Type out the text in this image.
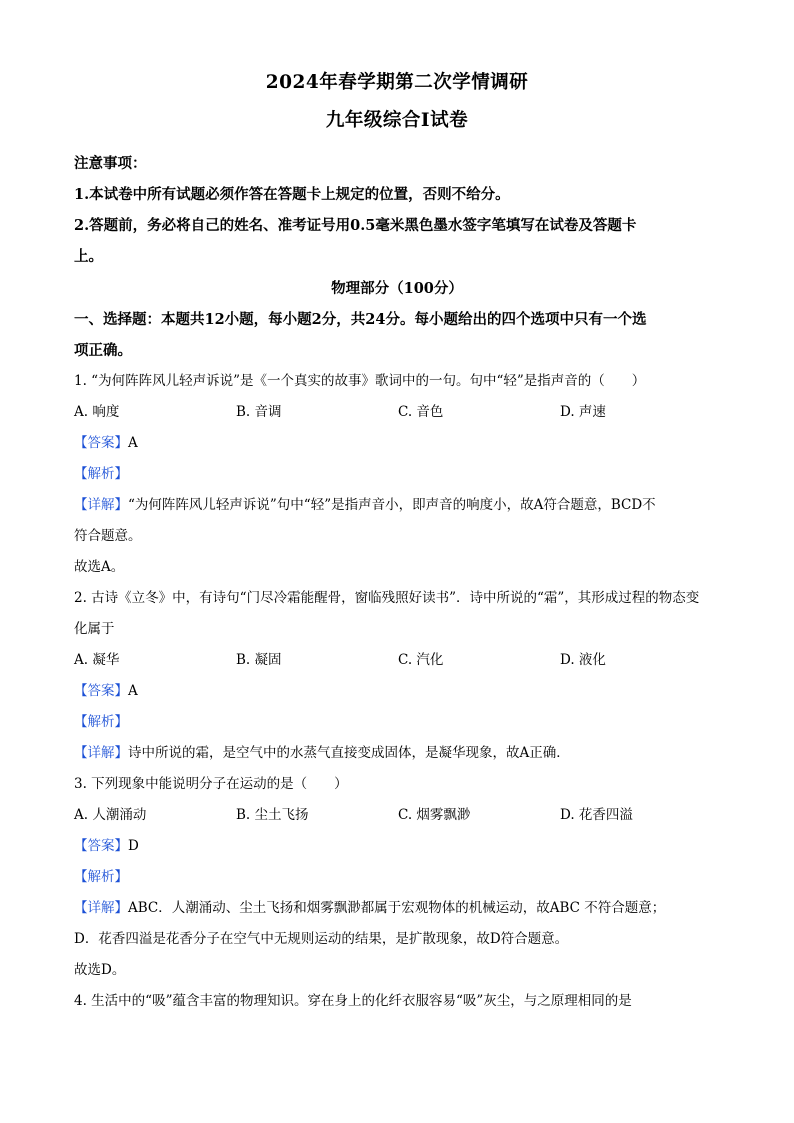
2024年春学期第二次学情调研
九年级综合Ⅰ试卷
注意事项：
1.本试卷中所有试题必须作答在答题卡上规定的位置，否则不给分。
2.答题前，务必将自己的姓名、准考证号用0.5毫米黑色墨水签字笔填写在试卷及答题卡
上。
物理部分（100分）
一、选择题：本题共12小题，每小题2分，共24分。每小题给出的四个选项中只有一个选
项正确。
1. “为何阵阵风儿轻声诉说”是《一个真实的故事》歌词中的一句。句中“轻”是指声音的（　　）
A. 响度	B. 音调	C. 音色	D. 声速
【答案】A
【解析】
【详解】“为何阵阵风儿轻声诉说”句中“轻”是指声音小，即声音的响度小，故A符合题意，BCD不
符合题意。
故选A。
2. 古诗《立冬》中，有诗句“门尽冷霜能醒骨，窗临残照好读书”．诗中所说的“霜”，其形成过程的物态变
化属于
A. 凝华	B. 凝固	C. 汽化	D. 液化
【答案】A
【解析】
【详解】诗中所说的霜，是空气中的水蒸气直接变成固体，是凝华现象，故A正确．
3. 下列现象中能说明分子在运动的是（　　）
A. 人潮涌动	B. 尘土飞扬	C. 烟雾飘渺	D. 花香四溢
【答案】D
【解析】
【详解】ABC．人潮涌动、尘土飞扬和烟雾飘渺都属于宏观物体的机械运动，故ABC 不符合题意；
D．花香四溢是花香分子在空气中无规则运动的结果，是扩散现象，故D符合题意。
故选D。
4. 生活中的“吸”蕴含丰富的物理知识。穿在身上的化纤衣服容易“吸”灰尘，与之原理相同的是
